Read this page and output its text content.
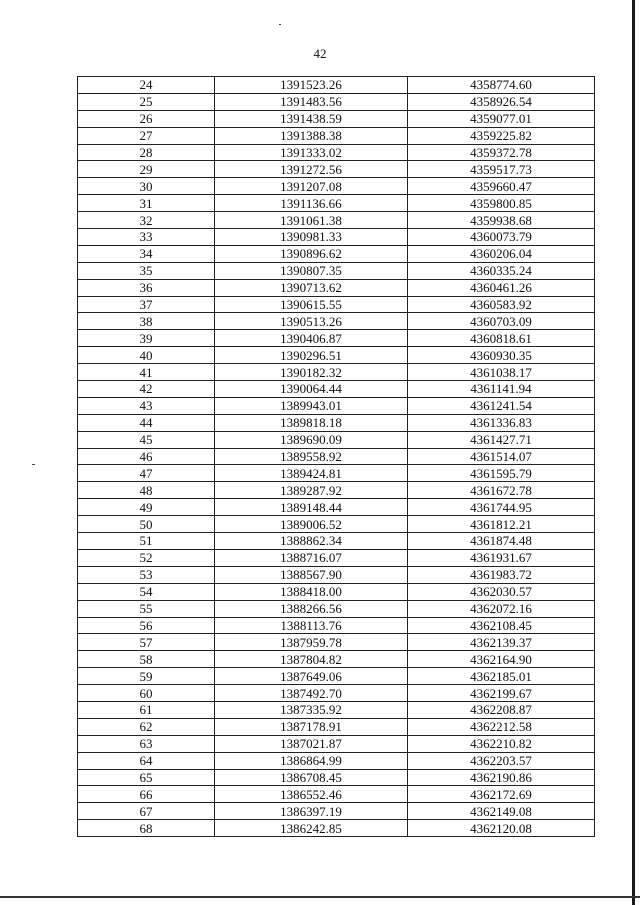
42
24	1391523.26	4358774.60
25	1391483.56	4358926.54
26	1391438.59	4359077.01
27	1391388.38	4359225.82
28	1391333.02	4359372.78
29	1391272.56	4359517.73
30	1391207.08	4359660.47
31	1391136.66	4359800.85
32	1391061.38	4359938.68
33	1390981.33	4360073.79
34	1390896.62	4360206.04
35	1390807.35	4360335.24
36	1390713.62	4360461.26
37	1390615.55	4360583.92
38	1390513.26	4360703.09
39	1390406.87	4360818.61
40	1390296.51	4360930.35
41	1390182.32	4361038.17
42	1390064.44	4361141.94
43	1389943.01	4361241.54
44	1389818.18	4361336.83
45	1389690.09	4361427.71
46	1389558.92	4361514.07
47	1389424.81	4361595.79
48	1389287.92	4361672.78
49	1389148.44	4361744.95
50	1389006.52	4361812.21
51	1388862.34	4361874.48
52	1388716.07	4361931.67
53	1388567.90	4361983.72
54	1388418.00	4362030.57
55	1388266.56	4362072.16
56	1388113.76	4362108.45
57	1387959.78	4362139.37
58	1387804.82	4362164.90
59	1387649.06	4362185.01
60	1387492.70	4362199.67
61	1387335.92	4362208.87
62	1387178.91	4362212.58
63	1387021.87	4362210.82
64	1386864.99	4362203.57
65	1386708.45	4362190.86
66	1386552.46	4362172.69
67	1386397.19	4362149.08
68	1386242.85	4362120.08
